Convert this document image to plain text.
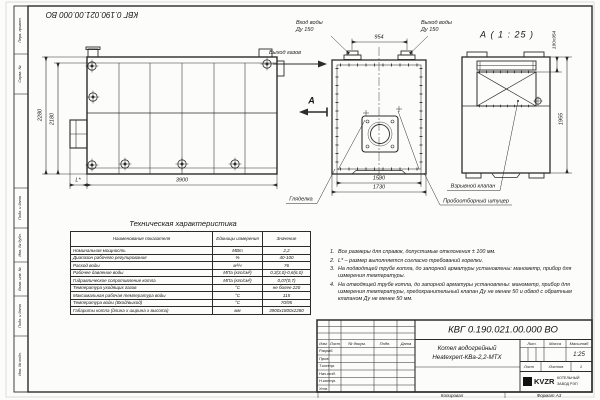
КВГ 0.190.021.00.000 ВО
Перв. примен.
Справ. №
Подп. и дата
Инв. № дубл.
Взам. инв. №
Подп. и дата
Инв. № подл.
2280 2180
3900
L*
Вход воды
Ду 150
Выход воды
Ду 150
954
Выход газов
А
1590
1730
Гляделка	Пробоотборный штуцер
Взрывной клапан
А ( 1 : 25 )	190х954
1955
Техническая характеристика
Наименование показателя	Единицы измерения	Значение
Номинальная мощность	МВт	2,2
Диапазон рабочего регулирования	%	40-100
Расход воды	м³/ч	76
Рабочее давление воды	МПа (кгс/см²)	0,3(3,0)-0,6(6,0)
Гидравлическое сопротивление котла	МПа (кгс/см²)	0,07(0,7)
Температура уходящих газов	°С	не более 220
Максимальная рабочая температура воды	°С	115
Температура воды (Вход/выход)	°С	70/95
Габариты котла (длина х ширина х высота)	мм	3900х1800х2280
1. Все размеры для справок, допустимые отклонения ± 100 мм.
2. L* – размер выполняется согласно требований горелки.
3. На подводящей трубе котла, до запорной арматуры установлены: манометр, прибор для измерения температуры.
4. На отводящей трубе котла, до запорной арматуры установлены: манометр, прибор для измерения температуры, предохранительный клапан Ду не менее 50 и обвод с обратным клапаном Ду не менее 50 мм.
КВГ 0.190.021.00.000 ВО
Котел водогрейный
Heatexpert-КВа-2,2-МТХ
Изм Лист № докум.	Подп.	Дата
Разраб.
Пров.
Т.контр.
Нач.отд.
Н.контр.
Утв.
Лит.	Масса Масштаб
1:25
Лист	Листов	1
KVZR КОТЕЛЬНЫЙ
ЗАВОД РЭП
Копировал	Формат А3
